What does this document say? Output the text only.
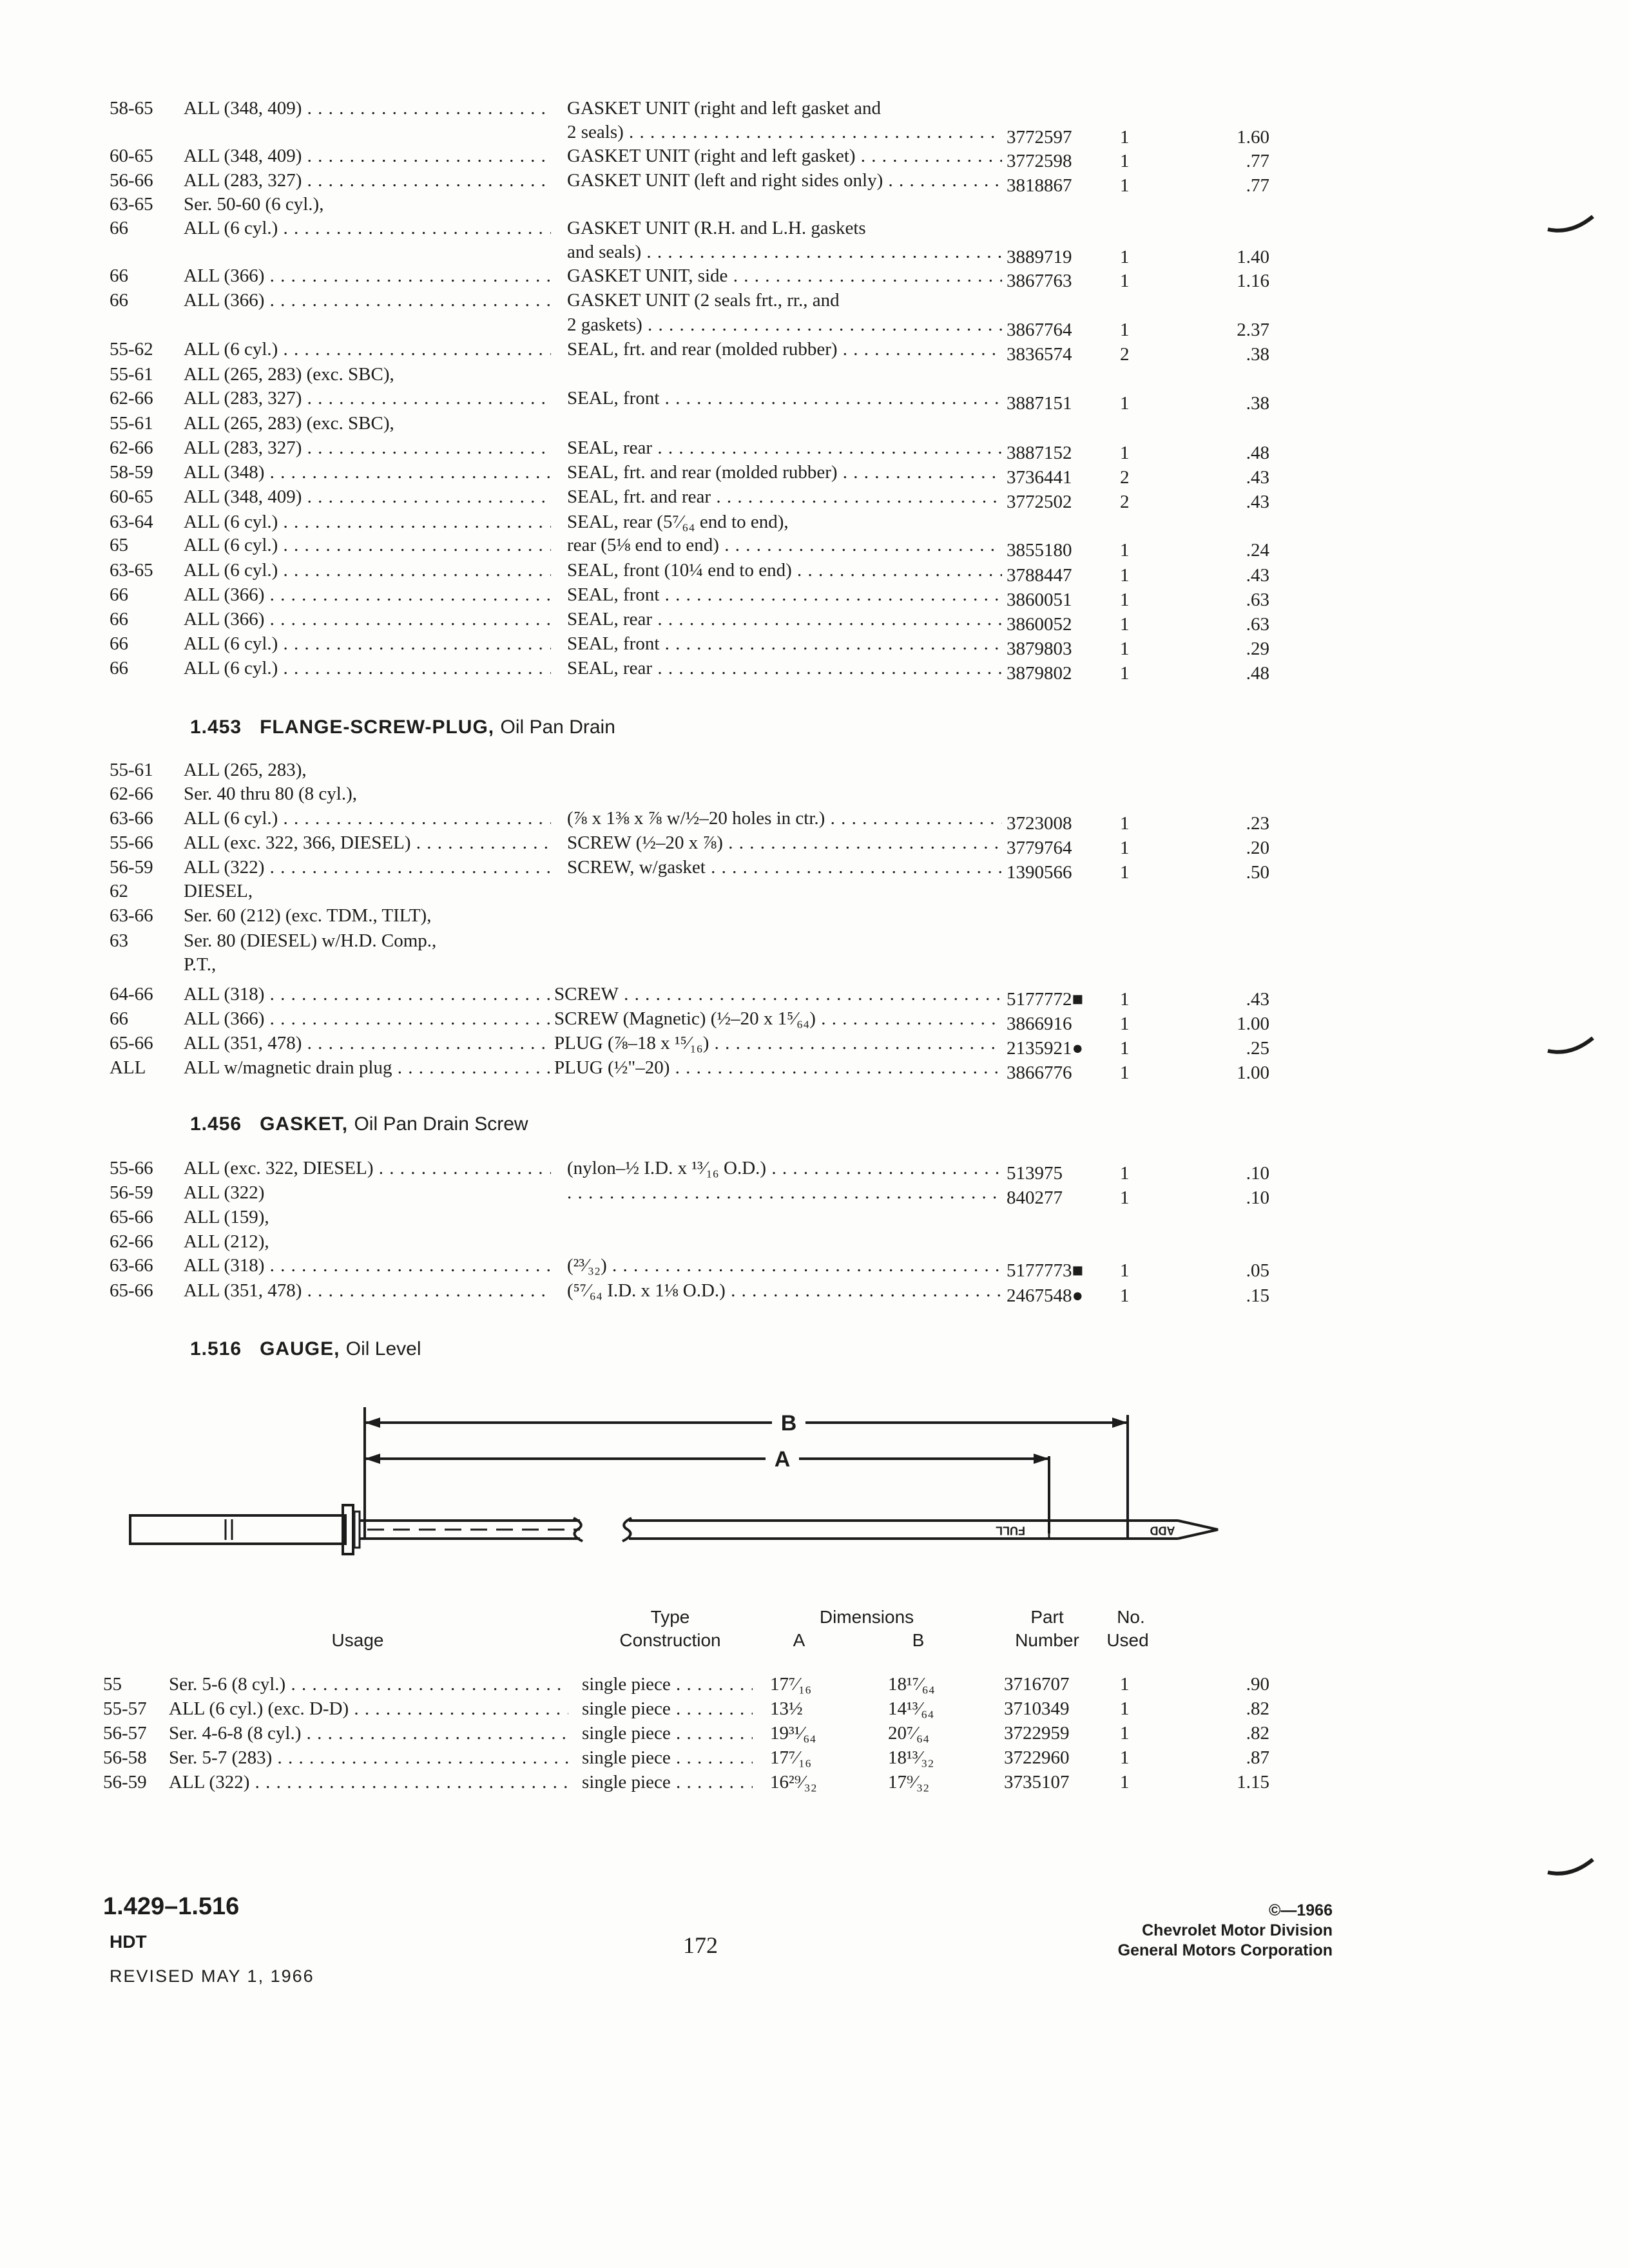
58-65 ALL (348, 409) . . .	GASKET UNIT (right and left gasket and
2 seals) . . .	3772597	1	1.60
60-65 ALL (348, 409) . . .	GASKET UNIT (right and left gasket) . . .	3772598	1	.77
56-66 ALL (283, 327) . . .	GASKET UNIT (left and right sides only) . . .	3818867	1	.77
63-65 Ser. 50-60 (6 cyl.),
66	ALL (6 cyl.) . . .	GASKET UNIT (R.H. and L.H. gaskets
and seals) . . .	3889719	1	1.40
66	ALL (366) . . .	GASKET UNIT, side . . .	3867763	1	1.16
66	ALL (366) . . .	GASKET UNIT (2 seals frt., rr., and
2 gaskets) . . .	3867764	1	2.37
55-62 ALL (6 cyl.) . . .	SEAL, frt. and rear (molded rubber) . . .	3836574	2	.38
55-61 ALL (265, 283) (exc. SBC),
62-66 ALL (283, 327) . . .	SEAL, front . . .	3887151	1	.38
55-61 ALL (265, 283) (exc. SBC),
62-66 ALL (283, 327) . . .	SEAL, rear . . .	3887152	1	.48
58-59 ALL (348) . . .	SEAL, frt. and rear (molded rubber) . . .	3736441	2	.43
60-65 ALL (348, 409) . . .	SEAL, frt. and rear . . .	3772502	2	.43
63-64 ALL (6 cyl.) . . .	SEAL, rear (5⁷⁄₆₄ end to end),
65	ALL (6 cyl.) . . .	rear (5⅛ end to end) . . .	3855180	1	.24
63-65 ALL (6 cyl.) . . .	SEAL, front (10¼ end to end) . . .	3788447	1	.43
66	ALL (366) . . .	SEAL, front . . .	3860051	1	.63
66	ALL (366) . . .	SEAL, rear . . .	3860052	1	.63
66	ALL (6 cyl.) . . .	SEAL, front . . .	3879803	1	.29
66	ALL (6 cyl.) . . .	SEAL, rear . . .	3879802	1	.48
1.453 FLANGE-SCREW-PLUG, Oil Pan Drain
55-61 ALL (265, 283),
62-66 Ser. 40 thru 80 (8 cyl.),
63-66 ALL (6 cyl.) . . .	(⅞ x 1⅜ x ⅞ w/½–20 holes in ctr.) . . .	3723008	1	.23
55-66 ALL (exc. 322, 366, DIESEL) . . .	SCREW (½–20 x ⅞) . . .	3779764	1	.20
56-59 ALL (322) . . .	SCREW, w/gasket . . .	1390566	1	.50
62	DIESEL,
63-66 Ser. 60 (212) (exc. TDM., TILT),
63	Ser. 80 (DIESEL) w/H.D. Comp.,
P.T.,
64-66 ALL (318) . . .	SCREW . . .	5177772■ 1	.43
66	ALL (366) . . .	SCREW (Magnetic) (½–20 x 1⁵⁄₆₄) . . .	3866916	1	1.00
65-66 ALL (351, 478) . . .	PLUG (⅞–18 x ¹⁵⁄₁₆) . . .	2135921● 1	.25
ALL ALL w/magnetic drain plug . . .	PLUG (½"–20) . . .	3866776	1	1.00
1.456 GASKET, Oil Pan Drain Screw
55-66 ALL (exc. 322, DIESEL) . . .	(nylon–½ I.D. x ¹³⁄₁₆ O.D.) . . .	513975	1	.10
56-59 ALL (322)
. . .	840277	1	.10
65-66 ALL (159),
62-66 ALL (212),
63-66 ALL (318) . . .	(²³⁄₃₂) . . .	5177773■ 1	.05
65-66 ALL (351, 478) . . .	(⁵⁷⁄₆₄ I.D. x 1⅛ O.D.) . . .	2467548● 1	.15
1.516 GAUGE, Oil Level
B
A
FULL	ADD
Usage
Type
Construction
Dimensions
A	B
Part
Number
No.
Used
55	Ser. 5-6 (8 cyl.) . . .	single piece . . .	17⁷⁄₁₆	18¹⁷⁄₆₄	3716707	1	.90
55-57 ALL (6 cyl.) (exc. D-D) . . .	single piece . . .	13½	14¹³⁄₆₄	3710349	1	.82
56-57 Ser. 4-6-8 (8 cyl.) . . .	single piece . . .	19³¹⁄₆₄	20⁷⁄₆₄	3722959	1	.82
56-58 Ser. 5-7 (283) . . .	single piece . . .	17⁷⁄₁₆	18¹³⁄₃₂	3722960	1	.87
56-59 ALL (322) . . .	single piece . . .	16²⁹⁄₃₂	17⁹⁄₃₂	3735107	1	1.15
1.429–1.516
HDT
REVISED MAY 1, 1966
172
©—1966
Chevrolet Motor Division
General Motors Corporation
